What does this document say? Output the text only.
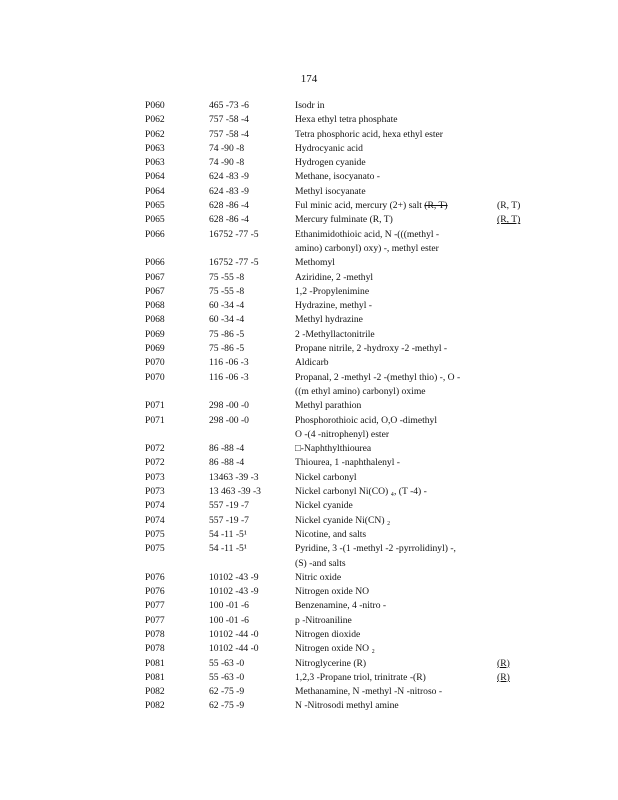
174
P060	465 -73 -6	Isodr in
P062	757 -58 -4	Hexa ethyl tetra phosphate
P062	757 -58 -4	Tetra phosphoric acid, hexa ethyl ester
P063	74 -90 -8	Hydrocyanic acid
P063	74 -90 -8	Hydrogen cyanide
P064	624 -83 -9	Methane, isocyanato -
P064	624 -83 -9	Methyl isocyanate
P065	628 -86 -4	Ful minic acid, mercury (2+) salt (R, T)	(R, T)
P065	628 -86 -4	Mercury fulminate (R, T)	(R, T)
P066	16752 -77 -5	Ethanimidothioic acid, N -(((methyl -
amino) carbonyl) oxy) -, methyl ester
P066	16752 -77 -5	Methomyl
P067	75 -55 -8	Aziridine, 2 -methyl
P067	75 -55 -8	1,2 -Propylenimine
P068	60 -34 -4	Hydrazine, methyl -
P068	60 -34 -4	Methyl hydrazine
P069	75 -86 -5	2 -Methyllactonitrile
P069	75 -86 -5	Propane nitrile, 2 -hydroxy -2 -methyl -
P070	116 -06 -3	Aldicarb
P070	116 -06 -3	Propanal, 2 -methyl -2 -(methyl thio) -, O -
((m ethyl amino) carbonyl) oxime
P071	298 -00 -0	Methyl parathion
P071	298 -00 -0	Phosphorothioic acid, O,O -dimethyl
O -(4 -nitrophenyl) ester
P072	86 -88 -4	□-Naphthylthiourea
P072	86 -88 -4	Thiourea, 1 -naphthalenyl -
P073	13463 -39 -3	Nickel carbonyl
P073	13 463 -39 -3	Nickel carbonyl Ni(CO) ₄, (T -4) -
P074	557 -19 -7	Nickel cyanide
P074	557 -19 -7	Nickel cyanide Ni(CN) ₂
P075	54 -11 -5¹	Nicotine, and salts
P075	54 -11 -5¹	Pyridine, 3 -(1 -methyl -2 -pyrrolidinyl) -,
(S) -and salts
P076	10102 -43 -9	Nitric oxide
P076	10102 -43 -9	Nitrogen oxide NO
P077	100 -01 -6	Benzenamine, 4 -nitro -
P077	100 -01 -6	p -Nitroaniline
P078	10102 -44 -0	Nitrogen dioxide
P078	10102 -44 -0	Nitrogen oxide NO ₂
P081	55 -63 -0	Nitroglycerine (R)	(R)
P081	55 -63 -0	1,2,3 -Propane triol, trinitrate -(R)	(R)
P082	62 -75 -9	Methanamine, N -methyl -N -nitroso -
P082	62 -75 -9	N -Nitrosodi methyl amine
